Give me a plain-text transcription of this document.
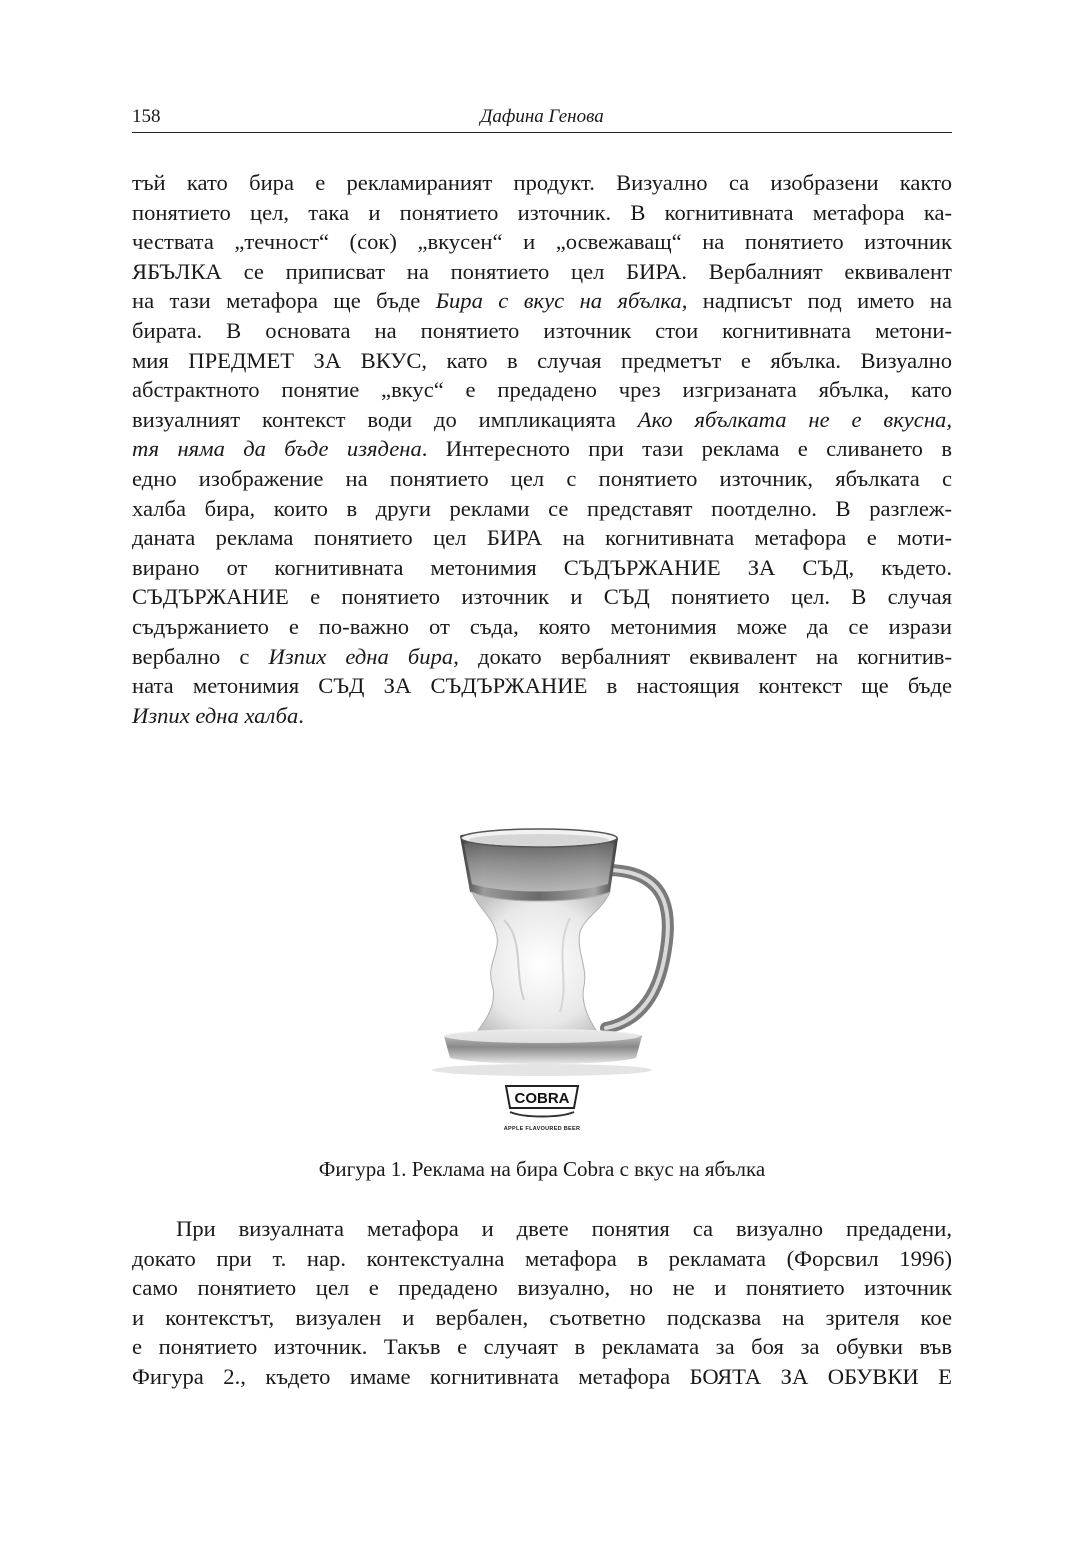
158	Дафина Генова
тъй като бира е рекламираният продукт. Визуално са изобразени както
понятието цел, така и понятието източник. В когнитивната метафора ка-
чествата „течност“ (сок) „вкусен“ и „освежаващ“ на понятието източник
ЯБЪЛКА се приписват на понятието цел БИРА. Вербалният еквивалент
на тази метафора ще бъде Бира с вкус на ябълка, надписът под името на
бирата. В основата на понятието източник стои когнитивната метони-
мия ПРЕДМЕТ ЗА ВКУС, като в случая предметът е ябълка. Визуално
абстрактното понятие „вкус“ е предадено чрез изгризаната ябълка, като
визуалният контекст води до импликацията Ако ябълката не е вкусна,
тя няма да бъде изядена. Интересното при тази реклама е сливането в
едно изображение на понятието цел с понятието източник, ябълката с
халба бира, които в други реклами се представят поотделно. В разглеж-
даната реклама понятието цел БИРА на когнитивната метафора е моти-
вирано от когнитивната метонимия СЪДЪРЖАНИЕ ЗА СЪД, където.
СЪДЪРЖАНИЕ е понятието източник и СЪД понятието цел. В случая
съдържанието е по-важно от съда, която метонимия може да се изрази
вербално с Изпих една бира, докато вербалният еквивалент на когнитив-
ната метонимия СЪД ЗА СЪДЪРЖАНИЕ в настоящия контекст ще бъде
Изпих една халба.
COBRA
APPLE FLAVOURED BEER
Фигура 1. Реклама на бира Cobra с вкус на ябълка
При визуалната метафора и двете понятия са визуално предадени,
докато при т. нар. контекстуална метафора в рекламата (Форсвил 1996)
само понятието цел е предадено визуално, но не и понятието източник
и контекстът, визуален и вербален, съответно подсказва на зрителя кое
е понятието източник. Такъв е случаят в рекламата за боя за обувки във
Фигура 2., където имаме когнитивната метафора БОЯТА ЗА ОБУВКИ Е
